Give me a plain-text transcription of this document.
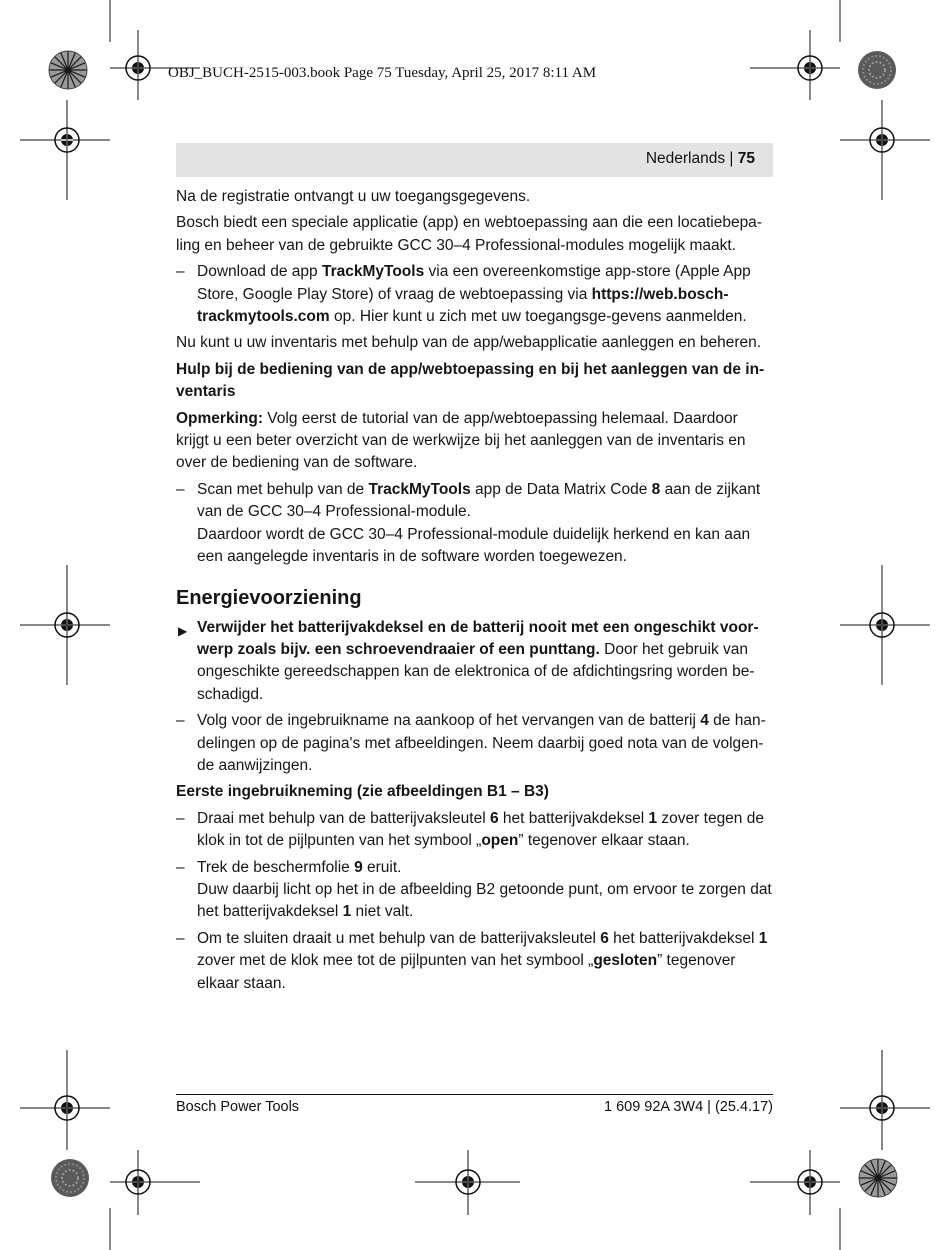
OBJ_BUCH-2515-003.book Page 75 Tuesday, April 25, 2017 8:11 AM
Nederlands | 75

Na de registratie ontvangt u uw toegangsgegevens.

Bosch biedt een speciale applicatie (app) en webtoepassing aan die een locatiebepa-ling en beheer van de gebruikte GCC 30–4 Professional-modules mogelijk maakt.

– Download de app TrackMyTools via een overeenkomstige app-store (Apple App Store, Google Play Store) of vraag de webtoepassing via https://web.bosch-trackmytools.com op. Hier kunt u zich met uw toegangsge-gevens aanmelden.

Nu kunt u uw inventaris met behulp van de app/webapplicatie aanleggen en beheren.

Hulp bij de bediening van de app/webtoepassing en bij het aanleggen van de in-ventaris

Opmerking: Volg eerst de tutorial van de app/webtoepassing helemaal. Daardoor krijgt u een beter overzicht van de werkwijze bij het aanleggen van de inventaris en over de bediening van de software.

– Scan met behulp van de TrackMyTools app de Data Matrix Code 8 aan de zijkant van de GCC 30–4 Professional-module.
Daardoor wordt de GCC 30–4 Professional-module duidelijk herkend en kan aan een aangelegde inventaris in de software worden toegewezen.
Energievoorziening
▶ Verwijder het batterijvakdeksel en de batterij nooit met een ongeschikt voor-werp zoals bijv. een schroevendraaier of een punttang. Door het gebruik van ongeschikte gereedschappen kan de elektronica of de afdichtingsring worden be-schadigd.
– Volg voor de ingebruikname na aankoop of het vervangen van de batterij 4 de han-delingen op de pagina's met afbeeldingen. Neem daarbij goed nota van de volgen-de aanwijzingen.

Eerste ingebruikneming (zie afbeeldingen B1 – B3)

– Draai met behulp van de batterijvaksleutel 6 het batterijvakdeksel 1 zover tegen de klok in tot de pijlpunten van het symbool „open” tegenover elkaar staan.
– Trek de beschermfolie 9 eruit.
Duw daarbij licht op het in de afbeelding B2 getoonde punt, om ervoor te zorgen dat het batterijvakdeksel 1 niet valt.
– Om te sluiten draait u met behulp van de batterijvaksleutel 6 het batterijvakdeksel 1 zover met de klok mee tot de pijlpunten van het symbool „gesloten” tegenover elkaar staan.
Bosch Power Tools	1 609 92A 3W4 | (25.4.17)
